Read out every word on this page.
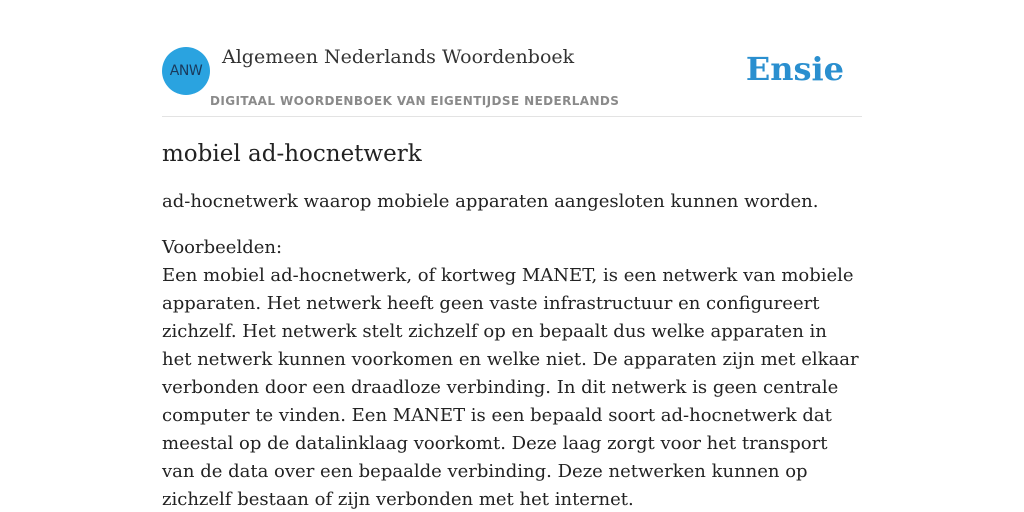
ANW
Algemeen Nederlands Woordenboek
DIGITAAL WOORDENBOEK VAN EIGENTIJDSE NEDERLANDS
Ensie
mobiel ad-hocnetwerk

ad-hocnetwerk waarop mobiele apparaten aangesloten kunnen worden.

Voorbeelden:

Een mobiel ad-hocnetwerk, of kortweg MANET, is een netwerk van mobiele apparaten. Het netwerk heeft geen vaste infrastructuur en configureert zichzelf. Het netwerk stelt zichzelf op en bepaalt dus welke apparaten in het netwerk kunnen voorkomen en welke niet. De apparaten zijn met elkaar verbonden door een draadloze verbinding. In dit netwerk is geen centrale computer te vinden. Een MANET is een bepaald soort ad-hocnetwerk dat meestal op de datalinklaag voorkomt. Deze laag zorgt voor het transport van de data over een bepaalde verbinding. Deze netwerken kunnen op zichzelf bestaan of zijn verbonden met het internet.
